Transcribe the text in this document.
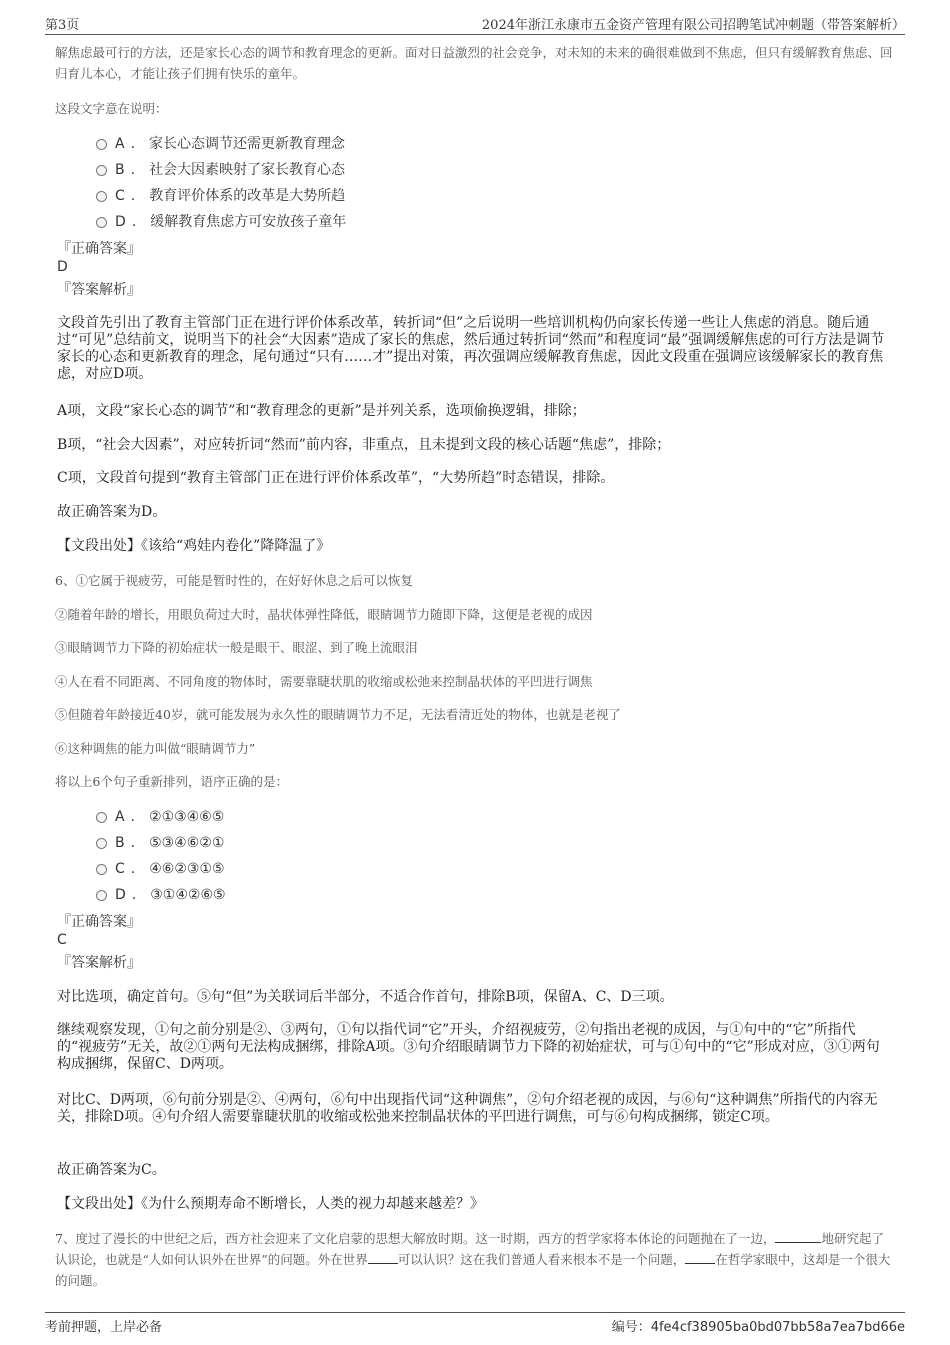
第3页	2024年浙江永康市五金资产管理有限公司招聘笔试冲刺题（带答案解析）
解焦虑最可行的方法，还是家长心态的调节和教育理念的更新。面对日益激烈的社会竞争，对未知的未来的确很难做到不焦虑，但只有缓解教育焦虑、回归育儿本心，才能让孩子们拥有快乐的童年。
这段文字意在说明：
A . 家长心态调节还需更新教育理念
B . 社会大因素映射了家长教育心态
C . 教育评价体系的改革是大势所趋
D . 缓解教育焦虑方可安放孩子童年
『正确答案』
D
『答案解析』
文段首先引出了教育主管部门正在进行评价体系改革，转折词“但”之后说明一些培训机构仍向家长传递一些让人焦虑的消息。随后通过“可见”总结前文，说明当下的社会“大因素”造成了家长的焦虑，然后通过转折词“然而”和程度词“最”强调缓解焦虑的可行方法是调节家长的心态和更新教育的理念，尾句通过“只有……才”提出对策，再次强调应缓解教育焦虑，因此文段重在强调应该缓解家长的教育焦虑，对应D项。
A项，文段“家长心态的调节”和“教育理念的更新”是并列关系，选项偷换逻辑，排除；
B项，“社会大因素”，对应转折词“然而”前内容，非重点，且未提到文段的核心话题“焦虑”，排除；
C项，文段首句提到“教育主管部门正在进行评价体系改革”，“大势所趋”时态错误，排除。
故正确答案为D。
【文段出处】《该给“鸡娃内卷化”降降温了》
6、①它属于视疲劳，可能是暂时性的，在好好休息之后可以恢复
②随着年龄的增长，用眼负荷过大时，晶状体弹性降低，眼睛调节力随即下降，这便是老视的成因
③眼睛调节力下降的初始症状一般是眼干、眼涩、到了晚上流眼泪
④人在看不同距离、不同角度的物体时，需要靠睫状肌的收缩或松弛来控制晶状体的平凹进行调焦
⑤但随着年龄接近40岁，就可能发展为永久性的眼睛调节力不足，无法看清近处的物体，也就是老视了
⑥这种调焦的能力叫做“眼睛调节力”
将以上6个句子重新排列，语序正确的是：
A . ②①③④⑥⑤
B . ⑤③④⑥②①
C . ④⑥②③①⑤
D . ③①④②⑥⑤
『正确答案』
C
『答案解析』
对比选项，确定首句。⑤句“但”为关联词后半部分，不适合作首句，排除B项，保留A、C、D三项。
继续观察发现，①句之前分别是②、③两句，①句以指代词“它”开头，介绍视疲劳，②句指出老视的成因，与①句中的“它”所指代的“视疲劳”无关，故②①两句无法构成捆绑，排除A项。③句介绍眼睛调节力下降的初始症状，可与①句中的“它”形成对应，③①两句构成捆绑，保留C、D两项。
对比C、D两项，⑥句前分别是②、④两句，⑥句中出现指代词“这种调焦”，②句介绍老视的成因，与⑥句“这种调焦”所指代的内容无关，排除D项。④句介绍人需要靠睫状肌的收缩或松弛来控制晶状体的平凹进行调焦，可与⑥句构成捆绑，锁定C项。
故正确答案为C。
【文段出处】《为什么预期寿命不断增长，人类的视力却越来越差？》
7、度过了漫长的中世纪之后，西方社会迎来了文化启蒙的思想大解放时期。这一时期，西方的哲学家将本体论的问题抛在了一边，	地研究起了认识论，也就是“人如何认识外在世界”的问题。外在世界 可以认识？这在我们普通人看来根本不是一个问题， 在哲学家眼中，这却是一个很大的问题。
考前押题，上岸必备	编号：4fe4cf38905ba0bd07bb58a7ea7bd66e
